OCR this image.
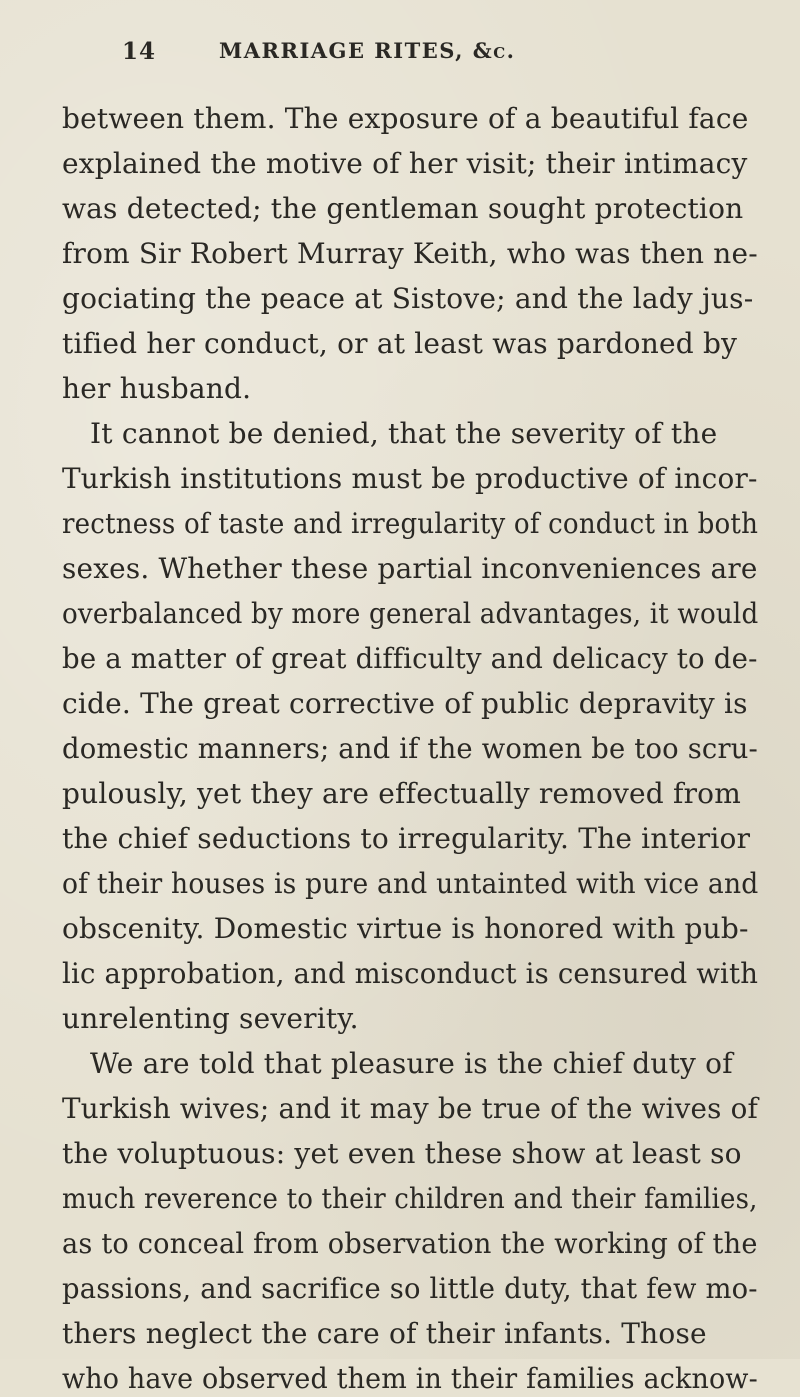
14	MARRIAGE RITES, &c.
between them. The exposure of a beautiful face
explained the motive of her visit; their intimacy
was detected; the gentleman sought protection
from Sir Robert Murray Keith, who was then ne-
gociating the peace at Sistove; and the lady jus-
tified her conduct, or at least was pardoned by
her husband.
It cannot be denied, that the severity of the
Turkish institutions must be productive of incor-
rectness of taste and irregularity of conduct in both
sexes. Whether these partial inconveniences are
overbalanced by more general advantages, it would
be a matter of great difficulty and delicacy to de-
cide. The great corrective of public depravity is
domestic manners; and if the women be too scru-
pulously, yet they are effectually removed from
the chief seductions to irregularity. The interior
of their houses is pure and untainted with vice and
obscenity. Domestic virtue is honored with pub-
lic approbation, and misconduct is censured with
unrelenting severity.
We are told that pleasure is the chief duty of
Turkish wives; and it may be true of the wives of
the voluptuous: yet even these show at least so
much reverence to their children and their families,
as to conceal from observation the working of the
passions, and sacrifice so little duty, that few mo-
thers neglect the care of their infants. Those
who have observed them in their families acknow-
